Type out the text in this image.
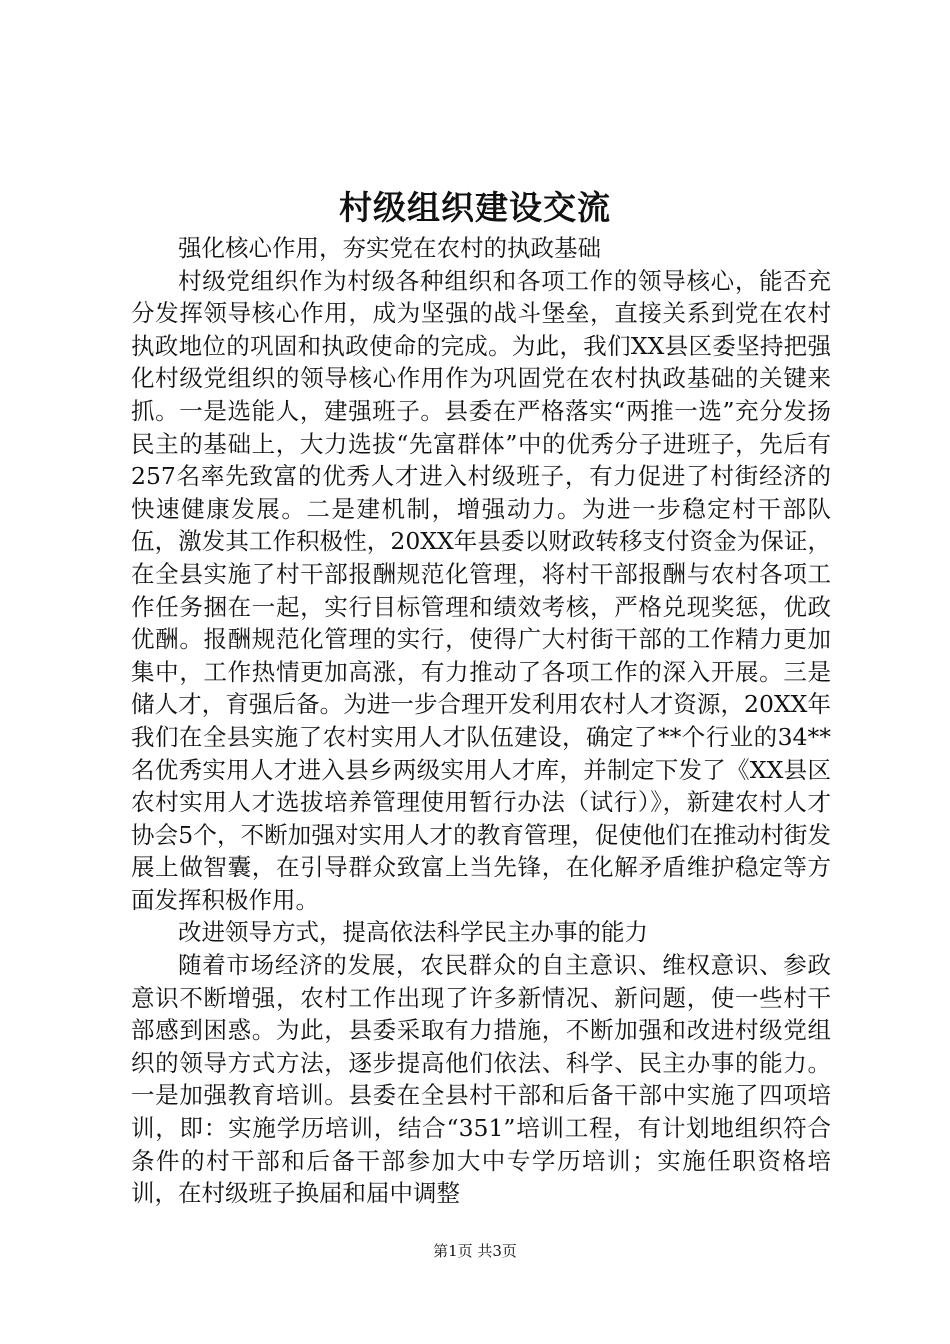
村级组织建设交流

强化核心作用，夯实党在农村的执政基础

村级党组织作为村级各种组织和各项工作的领导核心，能否充分发挥领导核心作用，成为坚强的战斗堡垒，直接关系到党在农村执政地位的巩固和执政使命的完成。为此，我们XX县区委坚持把强化村级党组织的领导核心作用作为巩固党在农村执政基础的关键来抓。一是选能人，建强班子。县委在严格落实“两推一选”充分发扬民主的基础上，大力选拔“先富群体”中的优秀分子进班子，先后有257名率先致富的优秀人才进入村级班子，有力促进了村街经济的快速健康发展。二是建机制，增强动力。为进一步稳定村干部队伍，激发其工作积极性，20XX年县委以财政转移支付资金为保证，在全县实施了村干部报酬规范化管理，将村干部报酬与农村各项工作任务捆在一起，实行目标管理和绩效考核，严格兑现奖惩，优政优酬。报酬规范化管理的实行，使得广大村街干部的工作精力更加集中，工作热情更加高涨，有力推动了各项工作的深入开展。三是储人才，育强后备。为进一步合理开发利用农村人才资源，20XX年我们在全县实施了农村实用人才队伍建设，确定了**个行业的34**名优秀实用人才进入县乡两级实用人才库，并制定下发了《XX县区农村实用人才选拔培养管理使用暂行办法（试行）》，新建农村人才协会5个，不断加强对实用人才的教育管理，促使他们在推动村街发展上做智囊，在引导群众致富上当先锋，在化解矛盾维护稳定等方面发挥积极作用。

改进领导方式，提高依法科学民主办事的能力

随着市场经济的发展，农民群众的自主意识、维权意识、参政意识不断增强，农村工作出现了许多新情况、新问题，使一些村干部感到困惑。为此，县委采取有力措施，不断加强和改进村级党组织的领导方式方法，逐步提高他们依法、科学、民主办事的能力。一是加强教育培训。县委在全县村干部和后备干部中实施了四项培训，即：实施学历培训，结合“351”培训工程，有计划地组织符合条件的村干部和后备干部参加大中专学历培训；实施任职资格培训，在村级班子换届和届中调整

第1页 共3页
